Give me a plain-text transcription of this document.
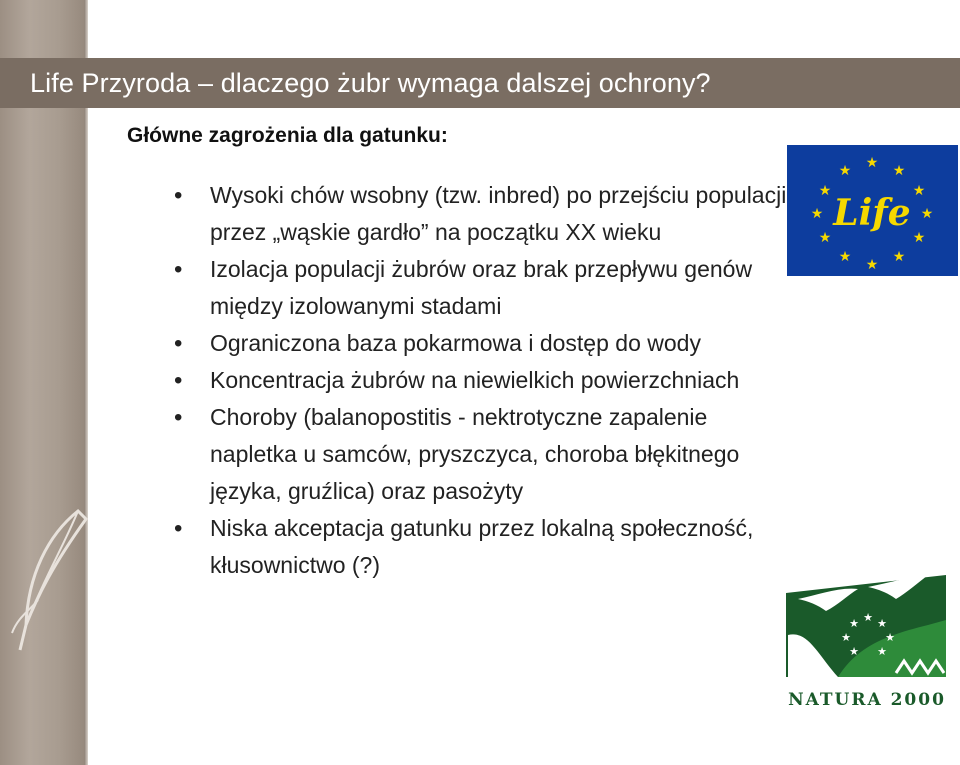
Life Przyroda – dlaczego żubr wymaga dalszej ochrony?

Główne zagrożenia dla gatunku:

• Wysoki chów wsobny (tzw. inbred) po przejściu populacji przez „wąskie gardło” na początku XX wieku
• Izolacja populacji żubrów oraz brak przepływu genów między izolowanymi stadami
• Ograniczona baza pokarmowa i dostęp do wody
• Koncentracja żubrów na niewielkich powierzchniach
• Choroby (balanopostitis - nektrotyczne zapalenie napletka u samców, pryszczyca, choroba błękitnego języka, gruźlica) oraz pasożyty
• Niska akceptacja gatunku przez lokalną społeczność, kłusownictwo (?)
★ ★
★
★
★
★
★
★
★
★
★
★
Life
★ ★ ★
★	★
★ ★
NATURA 2000
